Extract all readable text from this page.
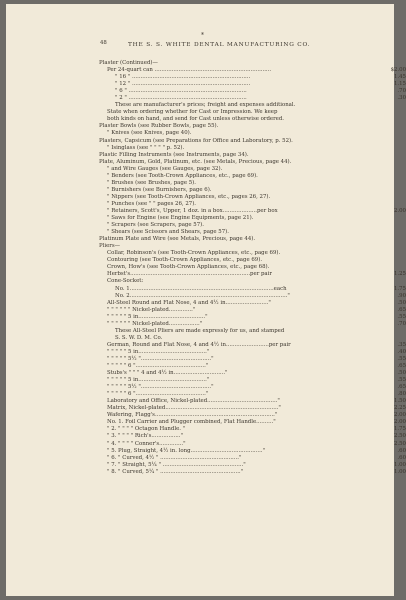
48
*
THE S. S. WHITE DENTAL MANUFACTURING CO.
Plaster (Continued)—
Per 24-quart can ....................................................................	$2.00
" 16 " .....................................................................	1.45
" 12 " .....................................................................	1.15
" 6 " .....................................................................	.70
" 2 " .....................................................................	.30
These are manufacturer's prices; freight and expenses additional.
State when ordering whether for Cast or Impression. We keep
both kinds on hand, and send for Cast unless otherwise ordered.
Plaster Bowls (see Rubber Bowls, page 55).
" Knives (see Knives, page 40).
Plasters, Capsicum (see Preparations for Office and Laboratory, p. 52).
" Isinglass (see " " " " p. 52).
Plastic Filling Instruments (see Instruments, page 34).
Plate, Aluminum, Gold, Platinum, etc. (see Metals, Precious, page 44).
" and Wire Gauges (see Gauges, page 32).
" Benders (see Tooth-Crown Appliances, etc., page 69).
" Brushes (see Brushes, page 5).
" Burnishers (see Burnishers, page 6).
" Nippers (see Tooth-Crown Appliances, etc., pages 26, 27).
" Punches (see " " pages 26, 27).
" Retainers, Scott's, Upper, 1 doz. in a box....................per box	2.00
" Saws for Engine (see Engine Equipments, page 21).
" Scrapers (see Scrapers, page 57).
" Shears (see Scissors and Shears, page 57).
Platinum Plate and Wire (see Metals, Precious, page 44).
Pliers—
Collar, Robinson's (see Tooth-Crown Appliances, etc., page 69).
Contouring (see Tooth-Crown Appliances, etc., page 69).
Crown, How's (see Tooth-Crown Appliances, etc., page 68).
Herbst's......................................................................per pair	1.25
Cone-Socket:
No. 1....................................................................................each	1.75
No. 2............................................................................................"	.90
All-Steel Round and Flat Nose, 4 and 4½ in........................."	.50
" " " " " " Nickel-plated.............."	.65
" " " " " 5 in......................................."	.55
" " " " " " Nickel-plated.................."	.70
These All-Steel Pliers are made expressly for us, and stamped
S. S. W. D. M. Co.
German, Round and Flat Nose, 4 and 4½ in.........................per pair	.35
" " " " " 5 in........................................"	.40
" " " " " 5½ "........................................."	.55
" " " " " 6 "........................................."	.65
Stubs's " " " 4 and 4½ in.............................."	.50
" " " " " 5 in........................................"	.55
" " " " " 5½ "........................................."	.65
" " " " " 6 "........................................."	.80
Laboratory and Office, Nickel-plated........................................."	1.50
Matrix, Nickel-plated.................................................................."	2.25
Wafering, Flagg's......................................................................"	2.00
No. 1. Foil Carrier and Plugger combined, Flat Handle.........."	2.00
" 2. " " " " Octagon Handle. "	1.75
" 3. " " " " Rich's................."	2.50
" 4. " " " " Conner's.............."	2.50
" 5. Plug, Straight, 4½ in. long.........................................."	.60
" 6. " Curved, 4½ " .............................................."	.60
" 7. " Straight, 5¼ " ..............................................."	1.00
" 8. " Curved, 5¼ " ..............................................."	1.00
